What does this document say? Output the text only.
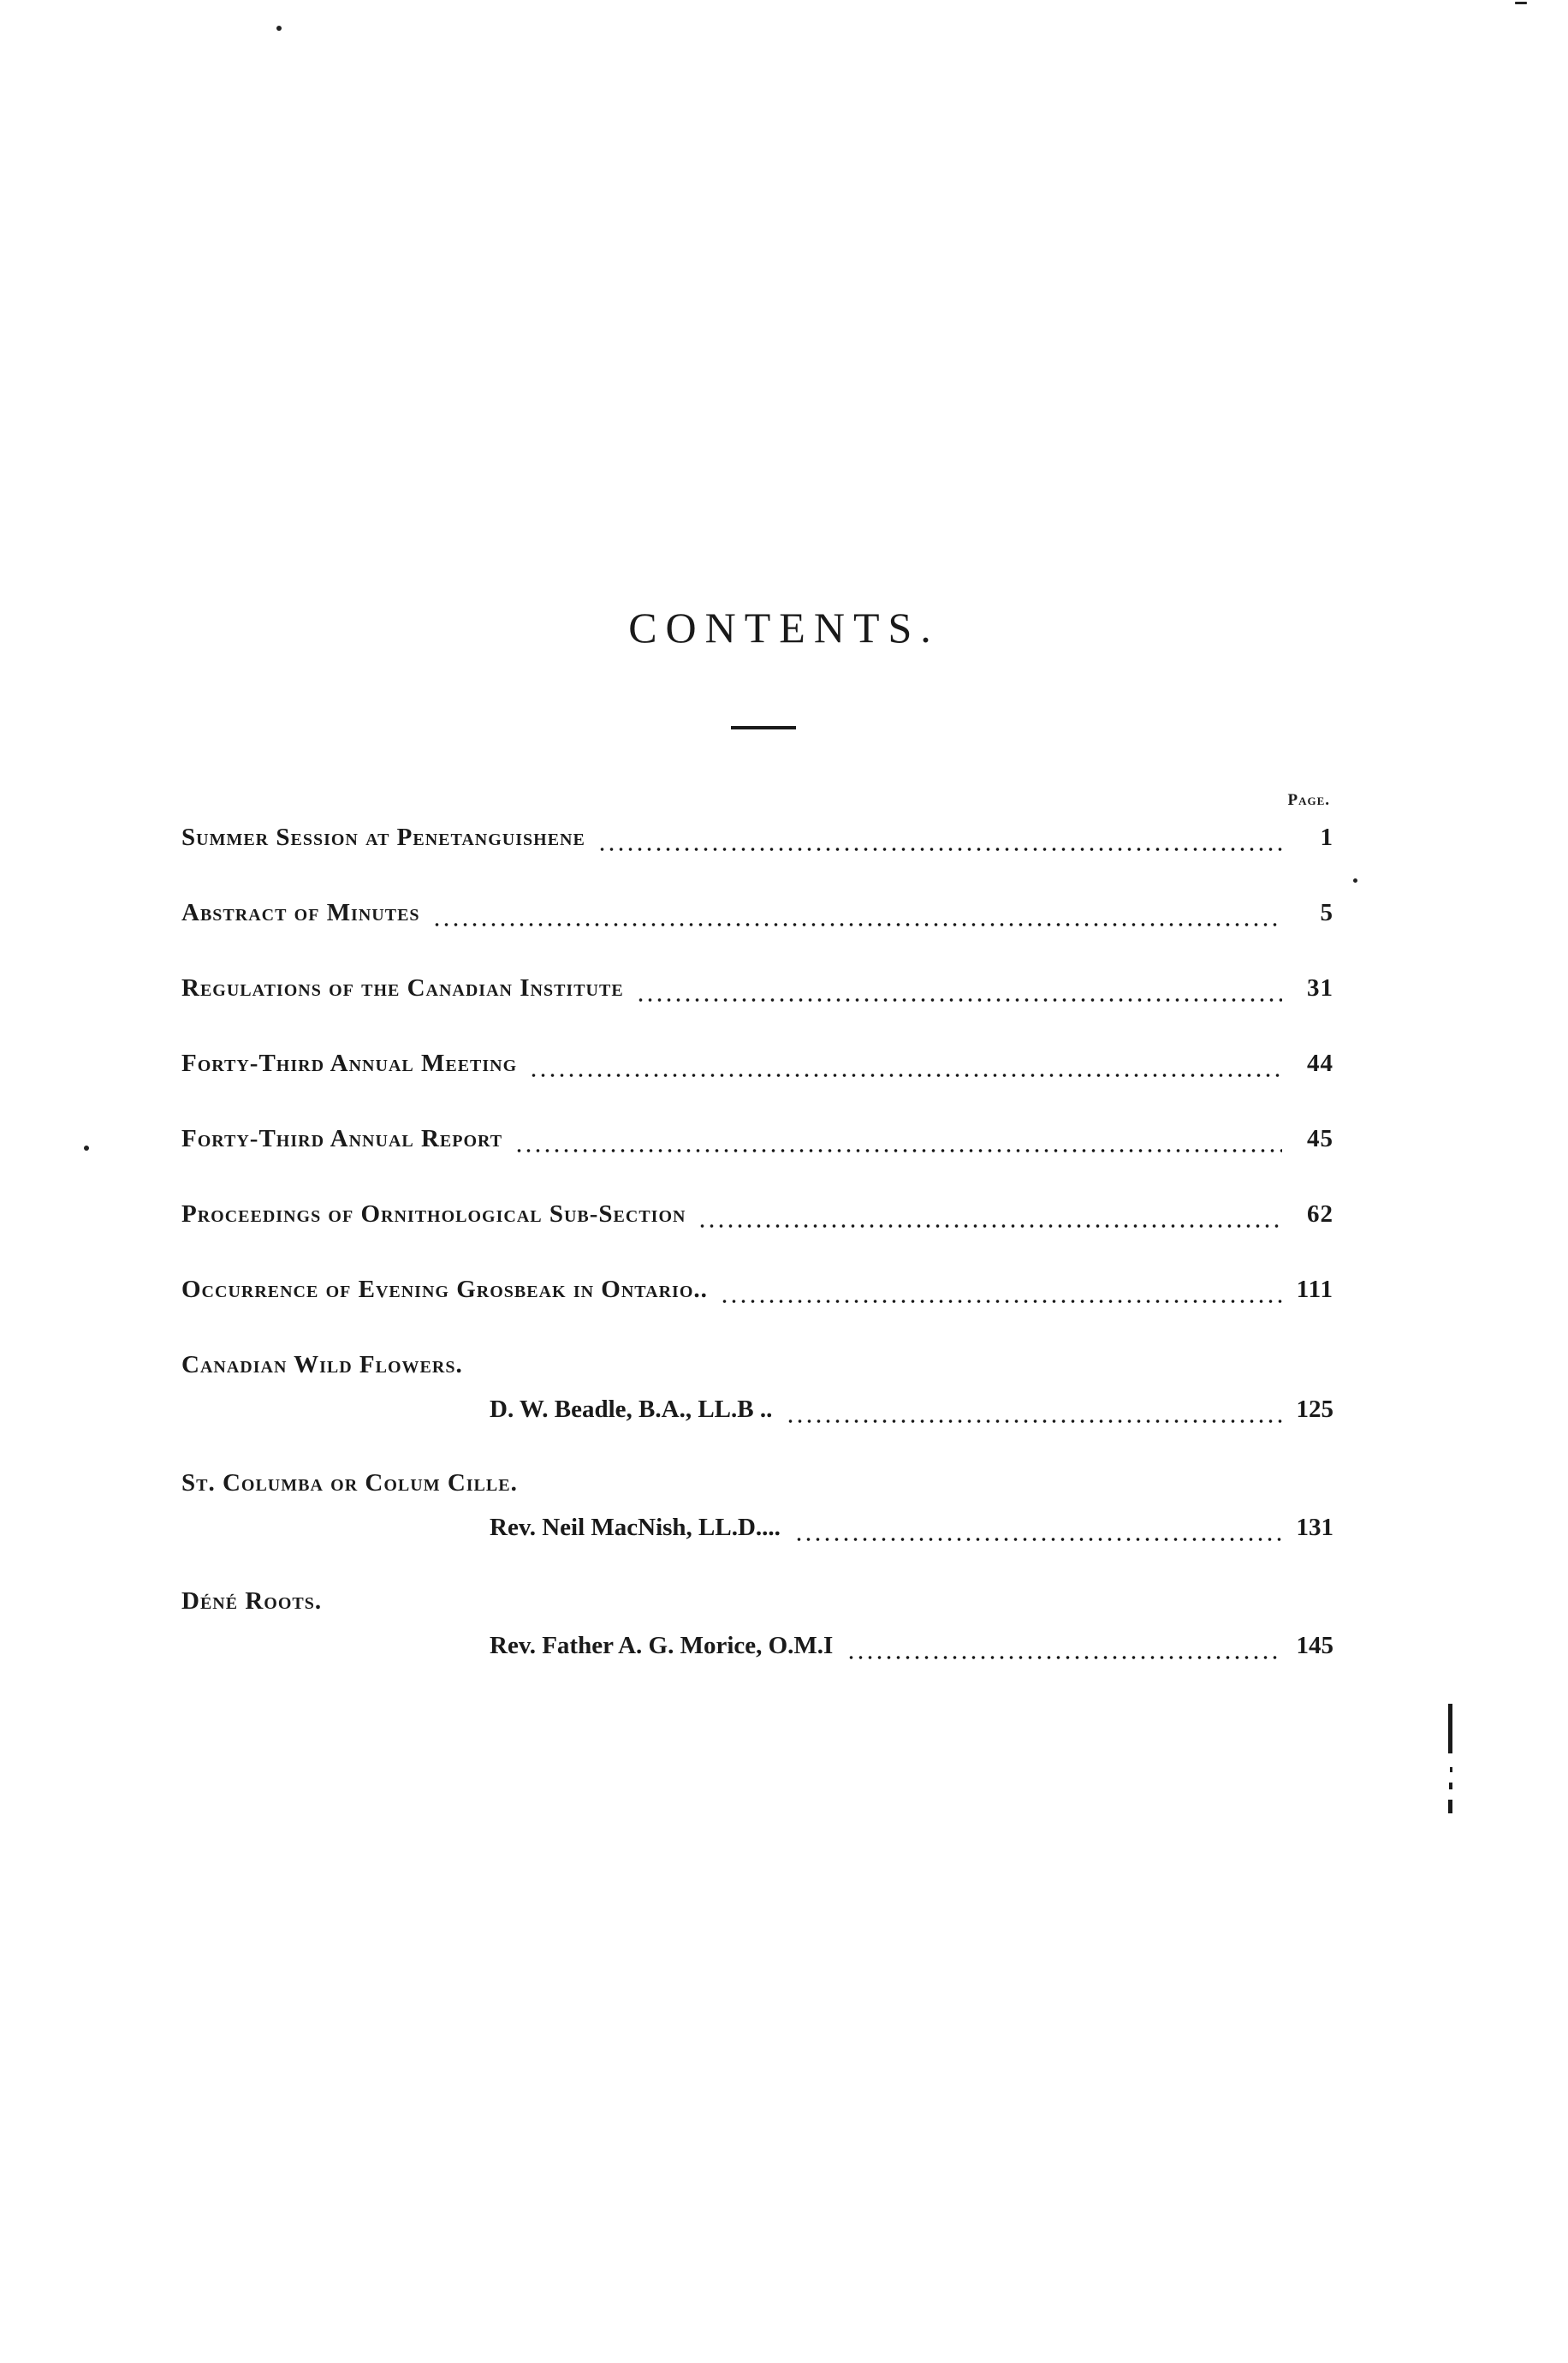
CONTENTS.
Page.
Summer Session at Penetanguishene	1
Abstract of Minutes	5
Regulations of the Canadian Institute	31
Forty-Third Annual Meeting	44
Forty-Third Annual Report	45
Proceedings of Ornithological Sub-Section	62
Occurrence of Evening Grosbeak in Ontario..	111
Canadian Wild Flowers.
D. W. Beadle, B.A., LL.B ..	125
St. Columba or Colum Cille.
Rev. Neil MacNish, LL.D....	131
Déné Roots.
Rev. Father A. G. Morice, O.M.I	145
